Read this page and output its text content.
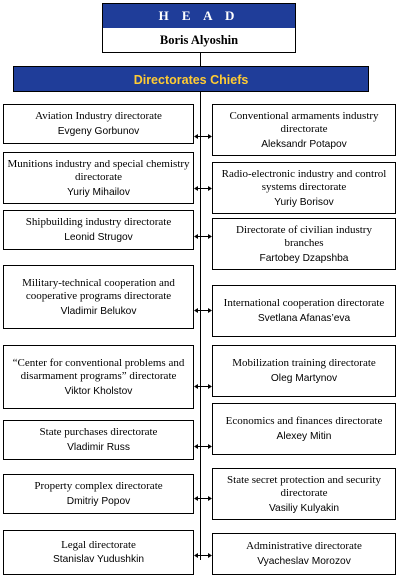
H E A D
Boris Alyoshin
Directorates Chiefs
Aviation Industry directorate
Evgeny Gorbunov
Munitions industry and special chemistry directorate
Yuriy Mihailov
Shipbuilding industry directorate
Leonid Strugov
Military-technical cooperation and cooperative programs directorate
Vladimir Belukov
“Center for conventional problems and disarmament programs” directorate
Viktor Kholstov
State purchases directorate
Vladimir Russ
Property complex directorate
Dmitriy Popov
Legal directorate
Stanislav Yudushkin
Conventional armaments industry directorate
Aleksandr Potapov
Radio-electronic industry and control systems directorate
Yuriy Borisov
Directorate of civilian industry branches
Fartobey Dzapshba
International cooperation directorate
Svetlana Afanas’eva
Mobilization training directorate
Oleg Martynov
Economics and finances directorate
Alexey Mitin
State secret protection and security directorate
Vasiliy Kulyakin
Administrative directorate
Vyacheslav Morozov
